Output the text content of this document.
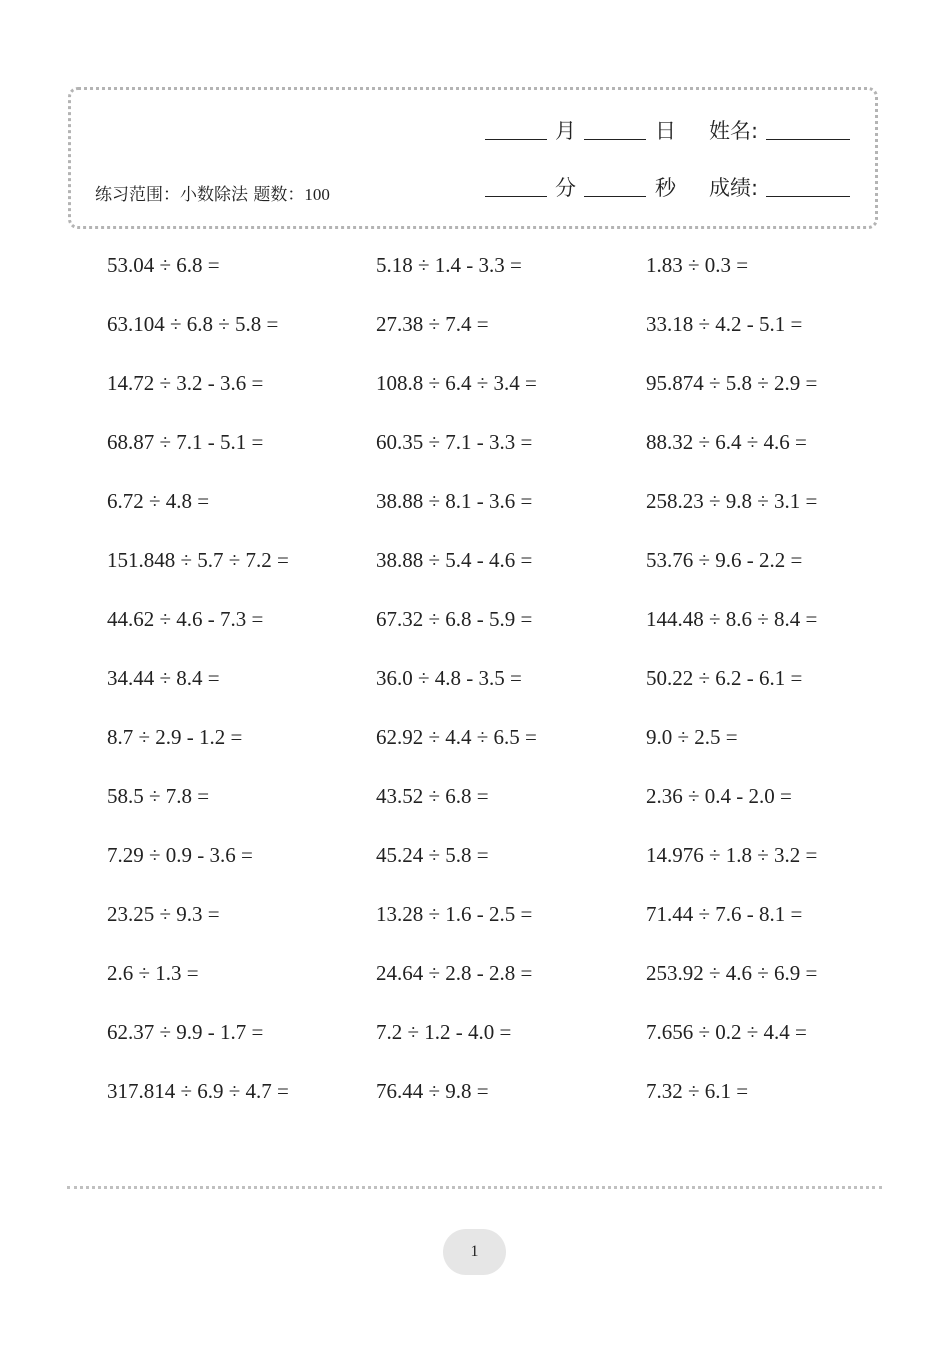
月	日 姓名:
练习范围：小数除法 题数：100	分	秒 成绩:
53.04 ÷ 6.8 =	5.18 ÷ 1.4 - 3.3 =	1.83 ÷ 0.3 =
63.104 ÷ 6.8 ÷ 5.8 =	27.38 ÷ 7.4 =	33.18 ÷ 4.2 - 5.1 =
14.72 ÷ 3.2 - 3.6 =	108.8 ÷ 6.4 ÷ 3.4 =	95.874 ÷ 5.8 ÷ 2.9 =
68.87 ÷ 7.1 - 5.1 =	60.35 ÷ 7.1 - 3.3 =	88.32 ÷ 6.4 ÷ 4.6 =
6.72 ÷ 4.8 =	38.88 ÷ 8.1 - 3.6 =	258.23 ÷ 9.8 ÷ 3.1 =
151.848 ÷ 5.7 ÷ 7.2 =	38.88 ÷ 5.4 - 4.6 =	53.76 ÷ 9.6 - 2.2 =
44.62 ÷ 4.6 - 7.3 =	67.32 ÷ 6.8 - 5.9 =	144.48 ÷ 8.6 ÷ 8.4 =
34.44 ÷ 8.4 =	36.0 ÷ 4.8 - 3.5 =	50.22 ÷ 6.2 - 6.1 =
8.7 ÷ 2.9 - 1.2 =	62.92 ÷ 4.4 ÷ 6.5 =	9.0 ÷ 2.5 =
58.5 ÷ 7.8 =	43.52 ÷ 6.8 =	2.36 ÷ 0.4 - 2.0 =
7.29 ÷ 0.9 - 3.6 =	45.24 ÷ 5.8 =	14.976 ÷ 1.8 ÷ 3.2 =
23.25 ÷ 9.3 =	13.28 ÷ 1.6 - 2.5 =	71.44 ÷ 7.6 - 8.1 =
2.6 ÷ 1.3 =	24.64 ÷ 2.8 - 2.8 =	253.92 ÷ 4.6 ÷ 6.9 =
62.37 ÷ 9.9 - 1.7 =	7.2 ÷ 1.2 - 4.0 =	7.656 ÷ 0.2 ÷ 4.4 =
317.814 ÷ 6.9 ÷ 4.7 =	76.44 ÷ 9.8 =	7.32 ÷ 6.1 =
1
